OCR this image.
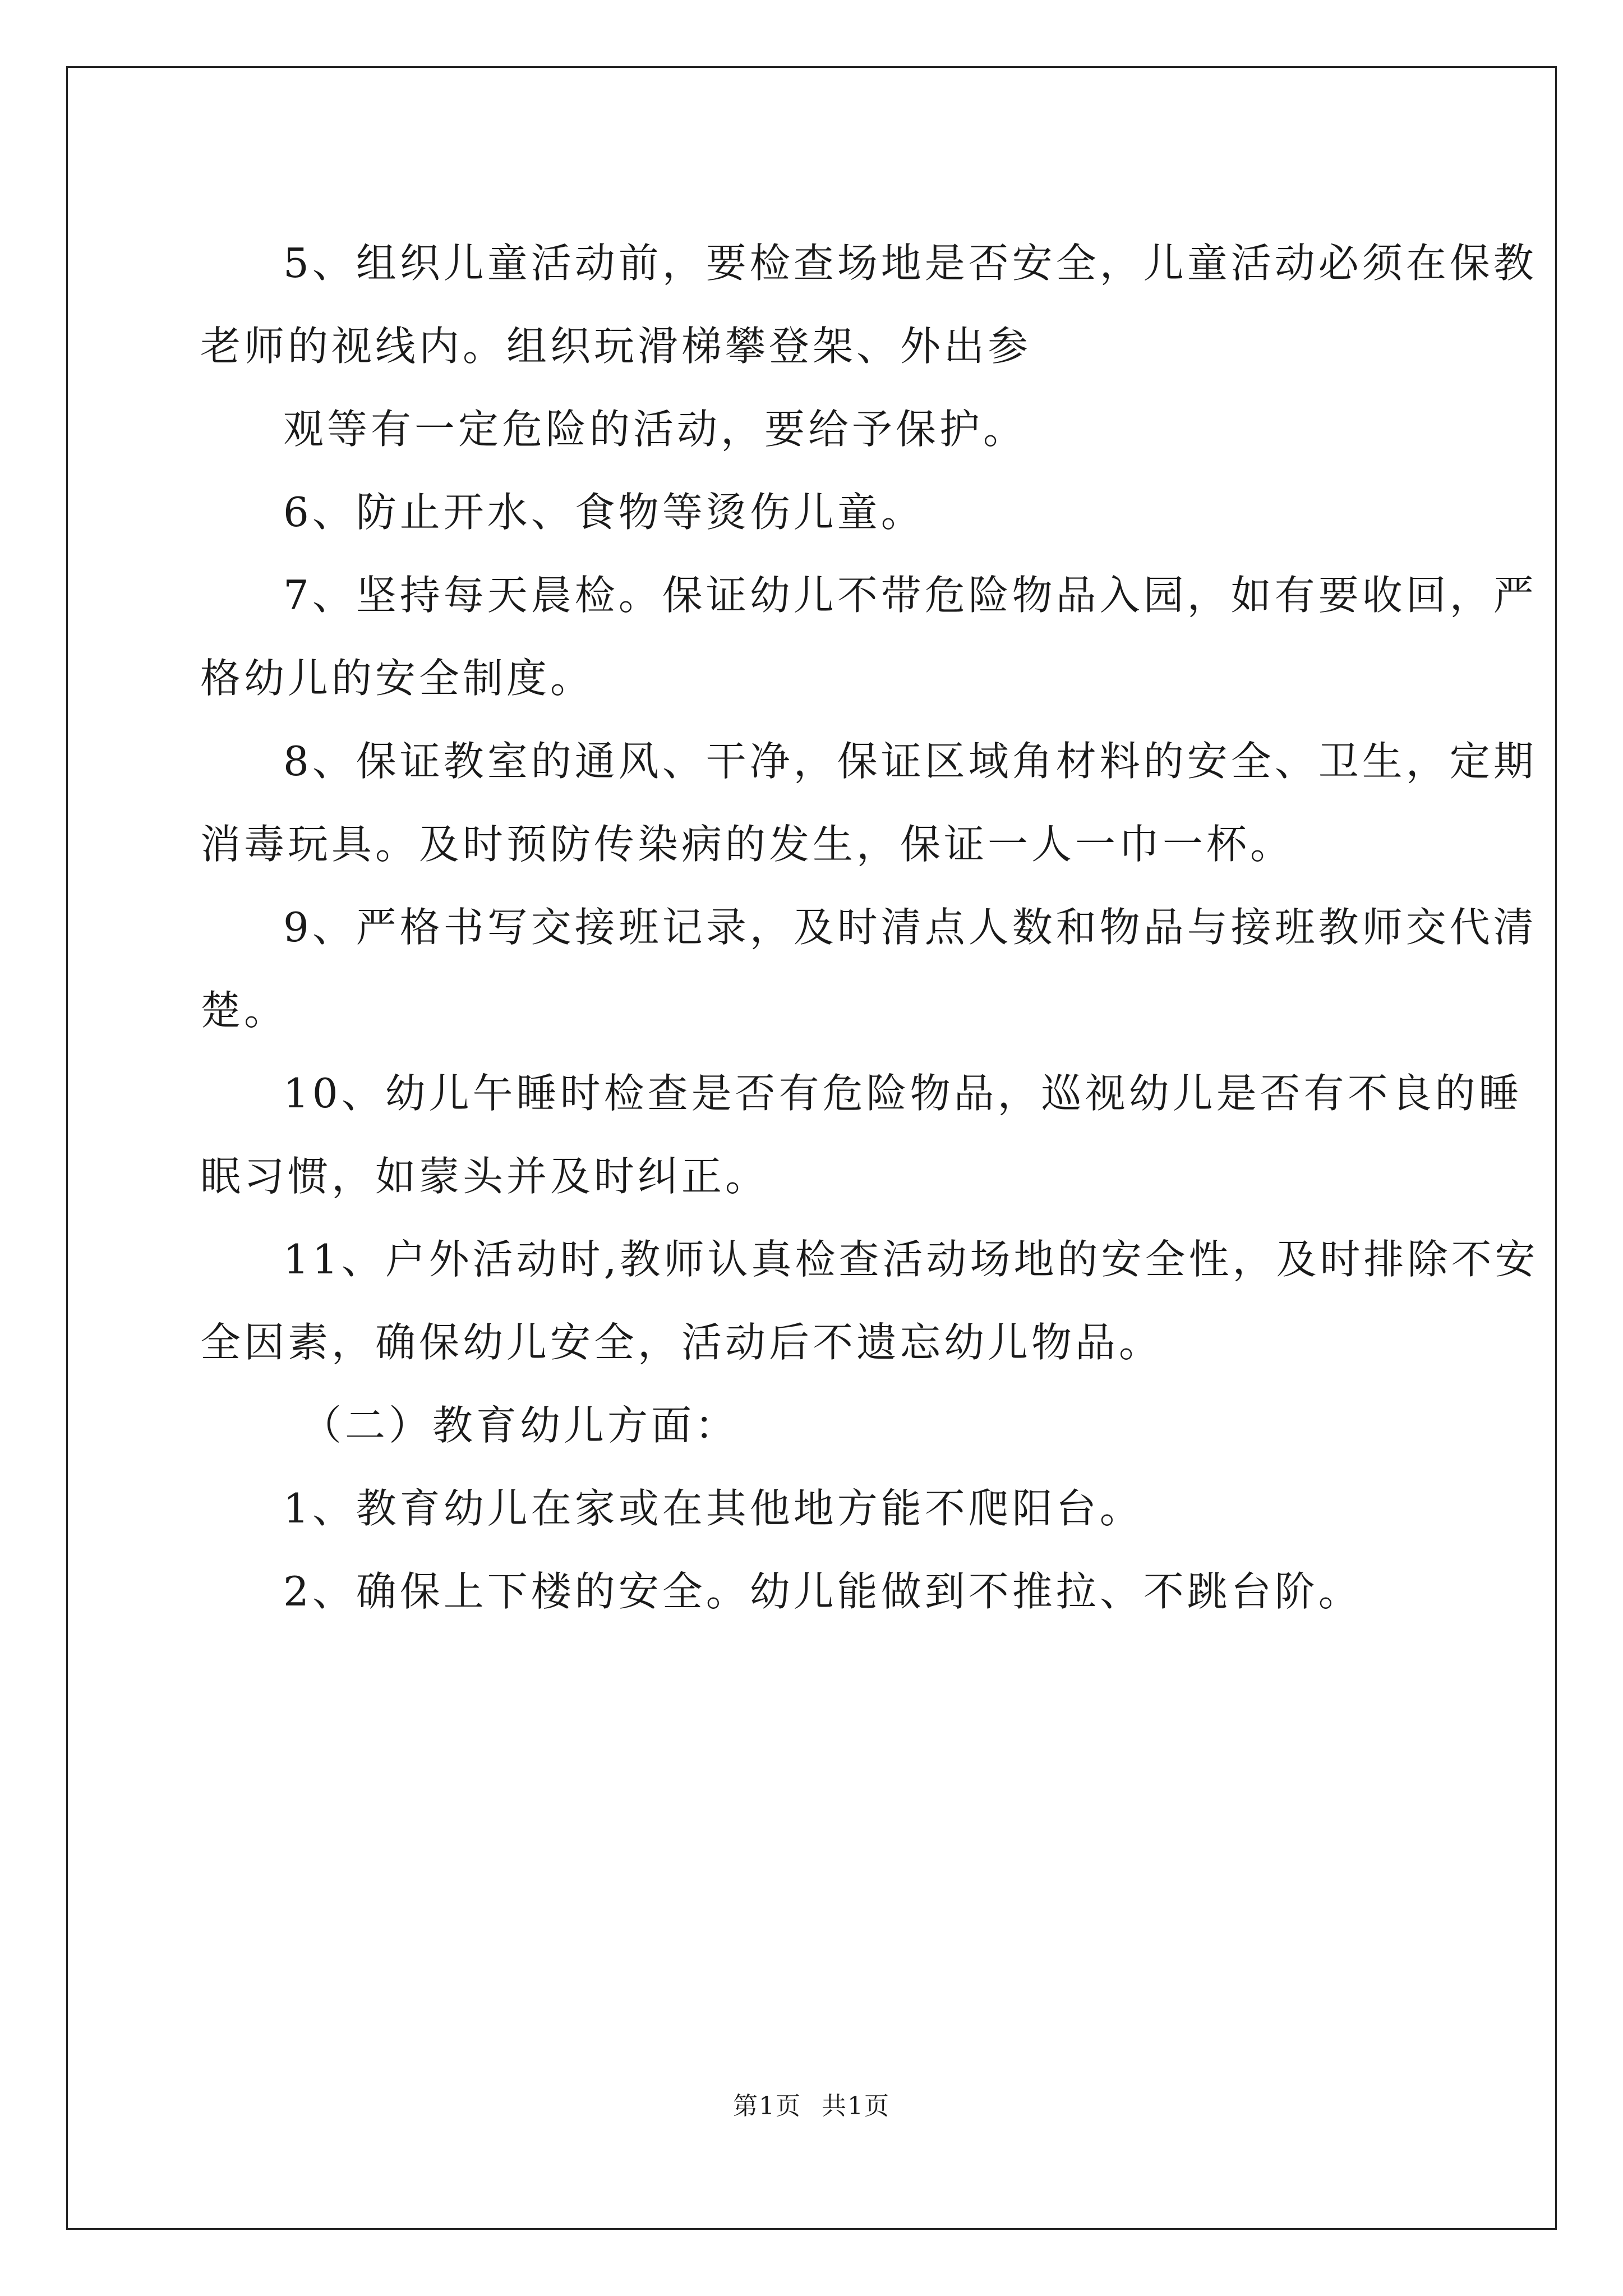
5、组织儿童活动前，要检查场地是否安全，儿童活动必须在保教

老师的视线内。组织玩滑梯攀登架、外出参

观等有一定危险的活动，要给予保护。

6、防止开水、食物等烫伤儿童。

7、坚持每天晨检。保证幼儿不带危险物品入园，如有要收回，严

格幼儿的安全制度。

8、保证教室的通风、干净，保证区域角材料的安全、卫生，定期

消毒玩具。及时预防传染病的发生，保证一人一巾一杯。

9、严格书写交接班记录，及时清点人数和物品与接班教师交代清

楚。

10、幼儿午睡时检查是否有危险物品，巡视幼儿是否有不良的睡

眠习惯，如蒙头并及时纠正。

11、户外活动时,教师认真检查活动场地的安全性，及时排除不安

全因素，确保幼儿安全，活动后不遗忘幼儿物品。

（二）教育幼儿方面：

1、教育幼儿在家或在其他地方能不爬阳台。

2、确保上下楼的安全。幼儿能做到不推拉、不跳台阶。

第1页 共1页
